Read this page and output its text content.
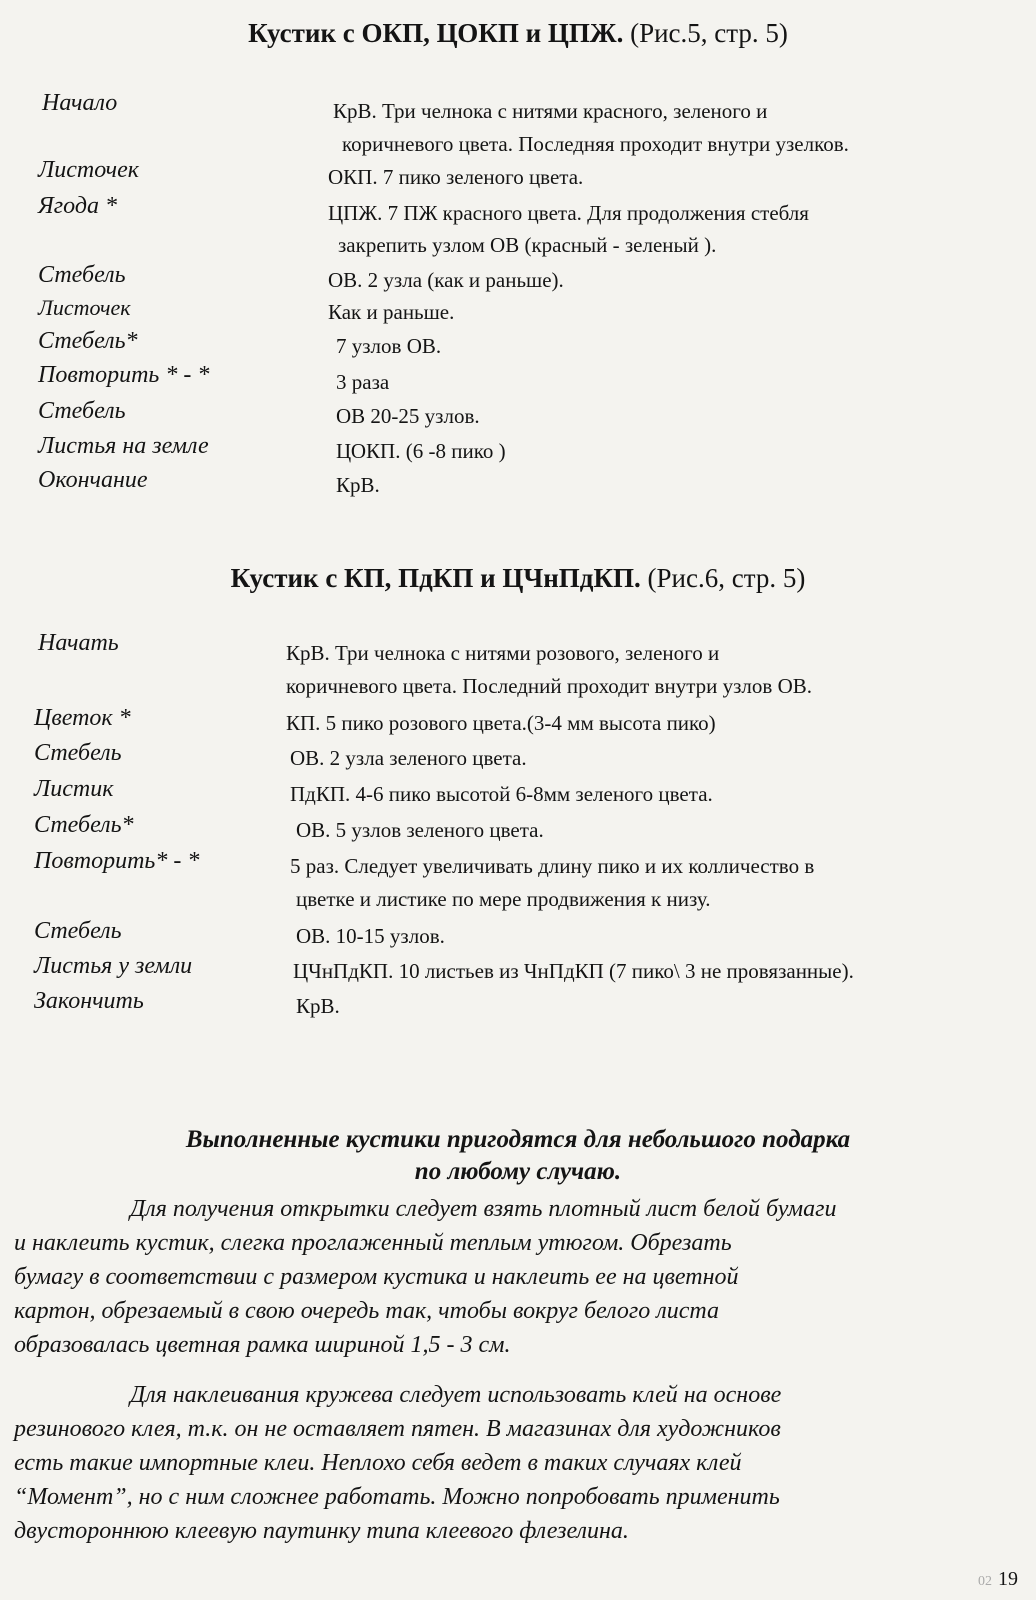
Кустик с ОКП, ЦОКП и ЦПЖ. (Рис.5, стр. 5)
Начало	КрВ. Три челнока с нитями красного, зеленого и
коричневого цвета. Последняя проходит внутри узелков.
Листочек	ОКП. 7 пико зеленого цвета.
Ягода *	ЦПЖ. 7 ПЖ красного цвета. Для продолжения стебля
закрепить узлом ОВ (красный - зеленый ).
Стебель	ОВ. 2 узла (как и раньше).
Листочек	Как и раньше.
Стебель*	7 узлов ОВ.
Повторить * - *	3 раза
Стебель	ОВ 20-25 узлов.
Листья на земле	ЦОКП. (6 -8 пико )
Окончание	КрВ.
Кустик с КП, ПдКП и ЦЧнПдКП. (Рис.6, стр. 5)
Начать	КрВ. Три челнока с нитями розового, зеленого и
коричневого цвета. Последний проходит внутри узлов ОВ.
Цветок *	КП. 5 пико розового цвета.(3-4 мм высота пико)
Стебель	ОВ. 2 узла зеленого цвета.
Листик	ПдКП. 4-6 пико высотой 6-8мм зеленого цвета.
Стебель*	ОВ. 5 узлов зеленого цвета.
Повторить* - *	5 раз. Следует увеличивать длину пико и их колличество в
цветке и листике по мере продвижения к низу.
Стебель	ОВ. 10-15 узлов.
Листья у земли	ЦЧнПдКП. 10 листьев из ЧнПдКП (7 пико\ 3 не провязанные).
Закончить	КрВ.
Выполненные кустики пригодятся для небольшого подарка
по любому случаю.
Для получения открытки следует взять плотный лист белой бумаги
и наклеить кустик, слегка проглаженный теплым утюгом. Обрезать
бумагу в соответствии с размером кустика и наклеить ее на цветной
картон, обрезаемый в свою очередь так, чтобы вокруг белого листа
образовалась цветная рамка шириной 1,5 - 3 см.
Для наклеивания кружева следует использовать клей на основе
резинового клея, т.к. он не оставляет пятен. В магазинах для художников
есть такие импортные клеи. Неплохо себя ведет в таких случаях клей
“Момент”, но с ним сложнее работать. Можно попробовать применить
двустороннюю клеевую паутинку типа клеевого флезелина.
02 19
